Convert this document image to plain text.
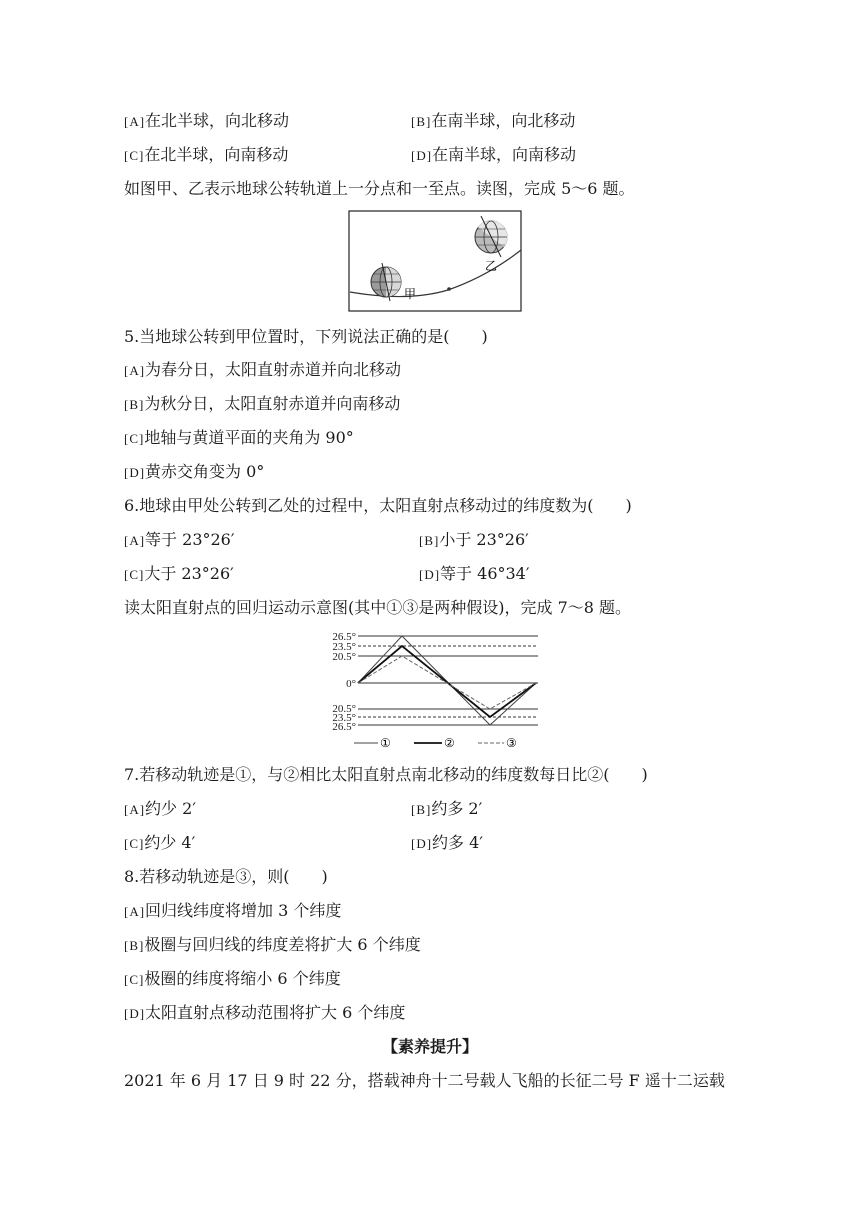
[A]在北半球，向北移动	[B]在南半球，向北移动
[C]在北半球，向南移动	[D]在南半球，向南移动
如图甲、乙表示地球公转轨道上一分点和一至点。读图，完成 5～6 题。
甲
乙
5.当地球公转到甲位置时，下列说法正确的是(　　)
[A]为春分日，太阳直射赤道并向北移动
[B]为秋分日，太阳直射赤道并向南移动
[C]地轴与黄道平面的夹角为 90°
[D]黄赤交角变为 0°
6.地球由甲处公转到乙处的过程中，太阳直射点移动过的纬度数为(　　)
[A]等于 23°26′	[B]小于 23°26′
[C]大于 23°26′	[D]等于 46°34′
读太阳直射点的回归运动示意图(其中①③是两种假设)，完成 7～8 题。
26.5°
23.5°
20.5°
0°
20.5°
23.5°
26.5°
①	②	③
7.若移动轨迹是①，与②相比太阳直射点南北移动的纬度数每日比②(　　)
[A]约少 2′	[B]约多 2′
[C]约少 4′	[D]约多 4′
8.若移动轨迹是③，则(　　)
[A]回归线纬度将增加 3 个纬度
[B]极圈与回归线的纬度差将扩大 6 个纬度
[C]极圈的纬度将缩小 6 个纬度
[D]太阳直射点移动范围将扩大 6 个纬度
【素养提升】
2021 年 6 月 17 日 9 时 22 分，搭载神舟十二号载人飞船的长征二号 F 遥十二运载
